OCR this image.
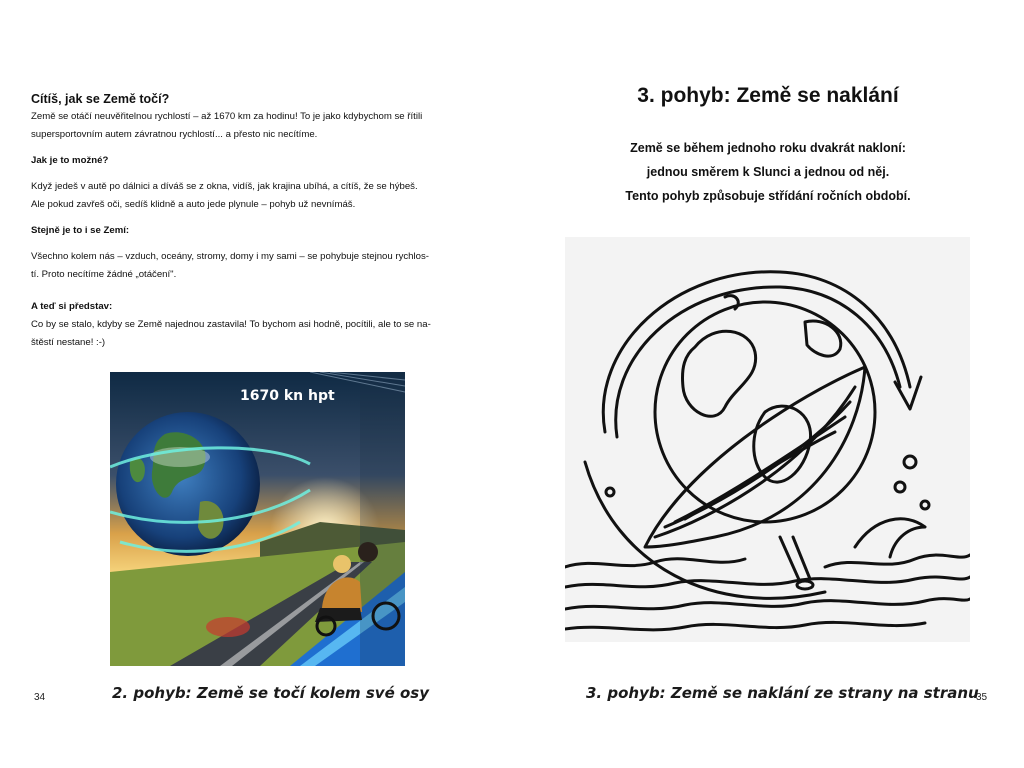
Cítíš, jak se Země točí?

Země se otáčí neuvěřitelnou rychlostí – až 1670 km za hodinu! To je jako kdybychom se řítili

supersportovním autem závratnou rychlostí... a přesto nic necítíme.

Jak je to možné?

Když jedeš v autě po dálnici a díváš se z okna, vidíš, jak krajina ubíhá, a cítíš, že se hýbeš.

Ale pokud zavřeš oči, sedíš klidně a auto jede plynule – pohyb už nevnímáš.

Stejně je to i se Zemí:

Všechno kolem nás – vzduch, oceány, stromy, domy i my sami – se pohybuje stejnou rychlos-

tí. Proto necítíme žádné „otáčení".

A teď si představ:

Co by se stalo, kdyby se Země najednou zastavila! To bychom asi hodně, pocítili, ale to se na-

štěstí nestane! :-)

1670 kn hpt
2. pohyb: Země se točí kolem své osy
34
3. pohyb: Země se naklání

Země se během jednoho roku dvakrát nakloní:

jednou směrem k Slunci a jednou od něj.

Tento pohyb způsobuje střídání ročních období.

3. pohyb: Země se naklání ze strany na stranu
35
